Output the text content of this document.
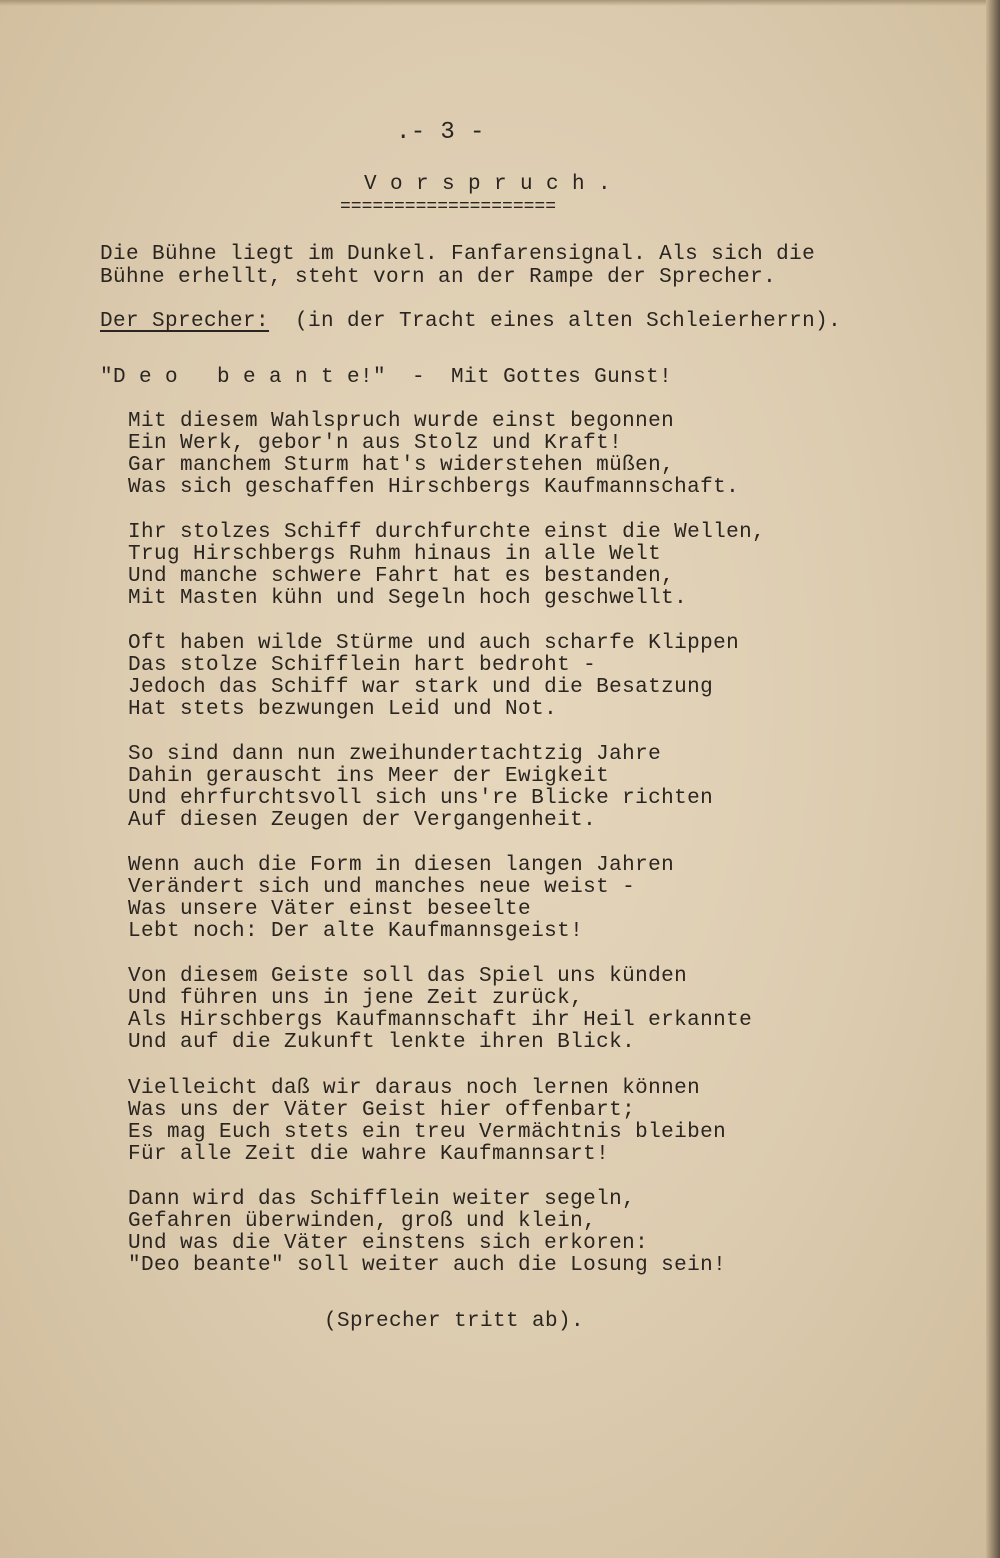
.- 3 -

V o r s p r u c h .

====================

Die Bühne liegt im Dunkel. Fanfarensignal. Als sich die

Bühne erhellt, steht vorn an der Rampe der Sprecher.

Der Sprecher:  (in der Tracht eines alten Schleierherrn).

"D e o   b e a n t e!"  -  Mit Gottes Gunst!

Mit diesem Wahlspruch wurde einst begonnen
Ein Werk, gebor'n aus Stolz und Kraft!
Gar manchem Sturm hat's widerstehen müßen,
Was sich geschaffen Hirschbergs Kaufmannschaft.
Ihr stolzes Schiff durchfurchte einst die Wellen,
Trug Hirschbergs Ruhm hinaus in alle Welt
Und manche schwere Fahrt hat es bestanden,
Mit Masten kühn und Segeln hoch geschwellt.
Oft haben wilde Stürme und auch scharfe Klippen
Das stolze Schifflein hart bedroht -
Jedoch das Schiff war stark und die Besatzung
Hat stets bezwungen Leid und Not.
So sind dann nun zweihundertachtzig Jahre
Dahin gerauscht ins Meer der Ewigkeit
Und ehrfurchtsvoll sich uns're Blicke richten
Auf diesen Zeugen der Vergangenheit.
Wenn auch die Form in diesen langen Jahren
Verändert sich und manches neue weist -
Was unsere Väter einst beseelte
Lebt noch: Der alte Kaufmannsgeist!
Von diesem Geiste soll das Spiel uns künden
Und führen uns in jene Zeit zurück,
Als Hirschbergs Kaufmannschaft ihr Heil erkannte
Und auf die Zukunft lenkte ihren Blick.
Vielleicht daß wir daraus noch lernen können
Was uns der Väter Geist hier offenbart;
Es mag Euch stets ein treu Vermächtnis bleiben
Für alle Zeit die wahre Kaufmannsart!
Dann wird das Schifflein weiter segeln,
Gefahren überwinden, groß und klein,
Und was die Väter einstens sich erkoren:
"Deo beante" soll weiter auch die Losung sein!

(Sprecher tritt ab).
